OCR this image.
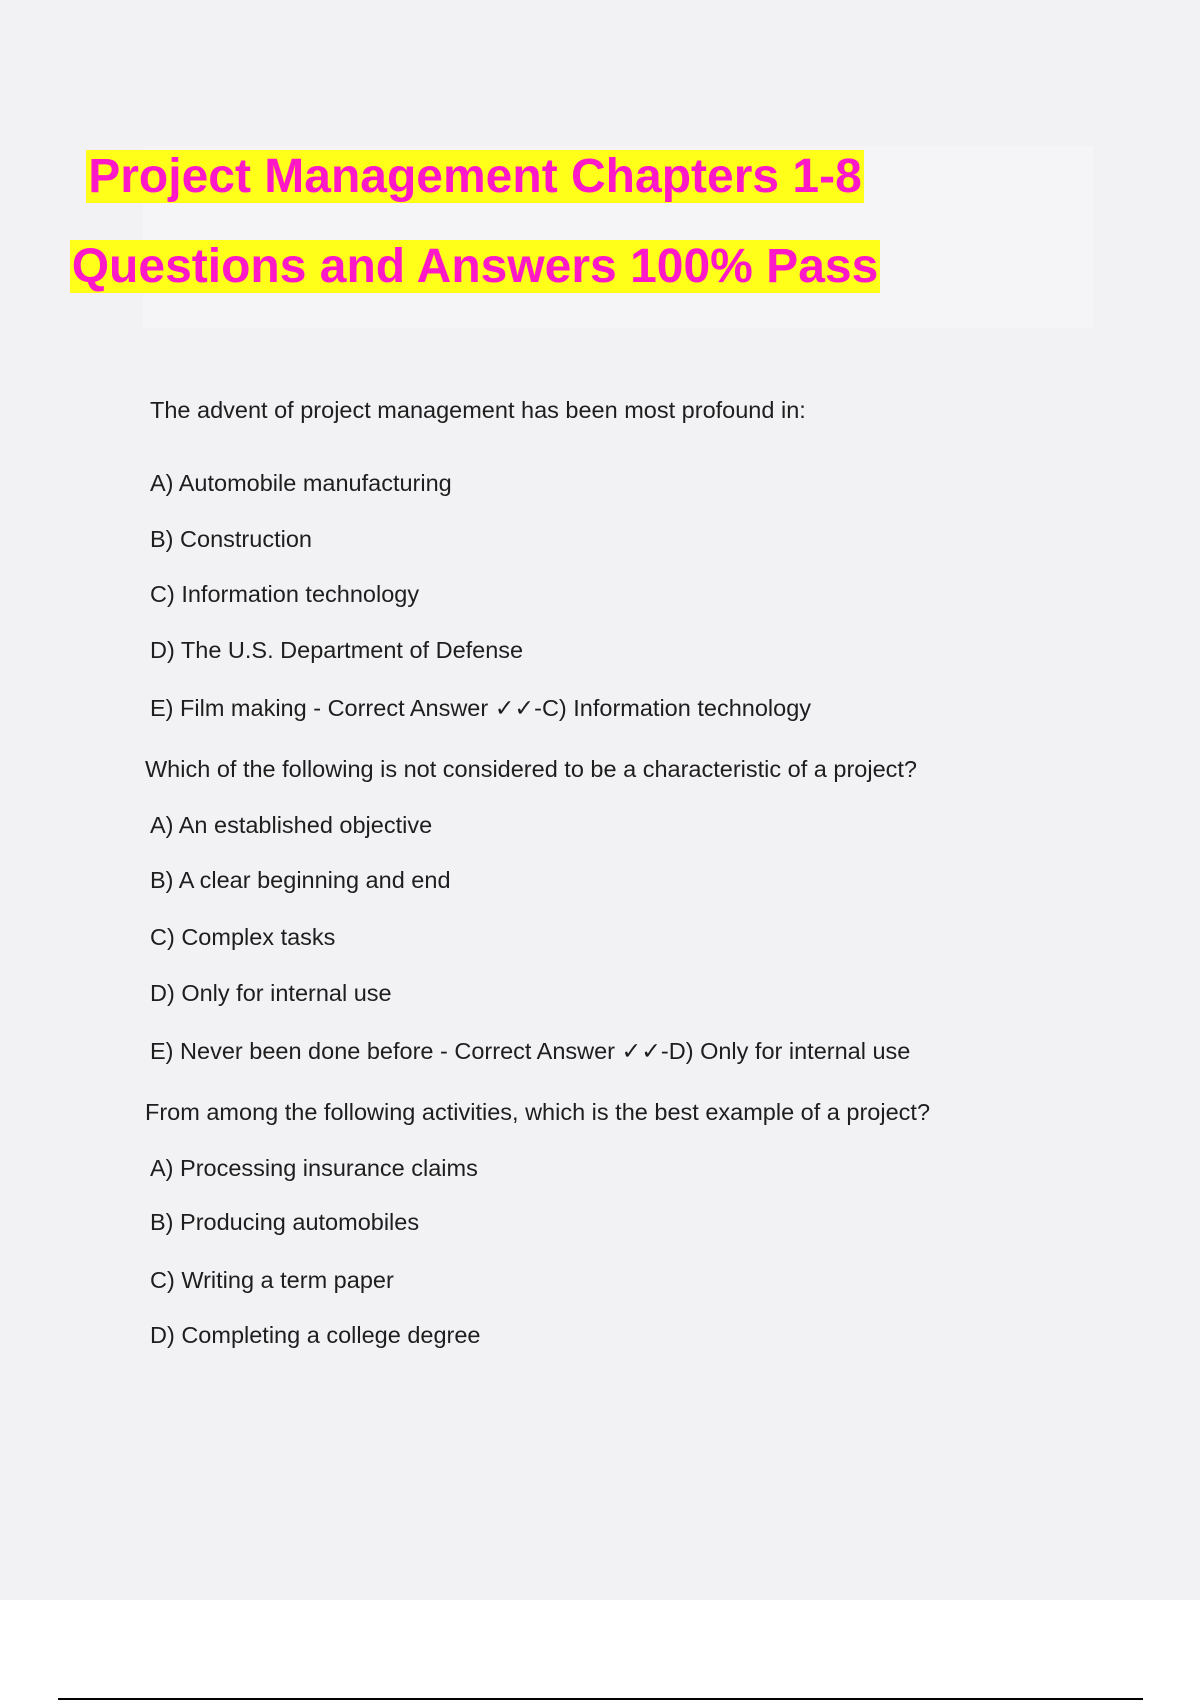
Project Management Chapters 1-8
Questions and Answers 100% Pass
The advent of project management has been most profound in:
A) Automobile manufacturing
B) Construction
C) Information technology
D) The U.S. Department of Defense
E) Film making - Correct Answer ✓✓-C) Information technology
Which of the following is not considered to be a characteristic of a project?
A) An established objective
B) A clear beginning and end
C) Complex tasks
D) Only for internal use
E) Never been done before - Correct Answer ✓✓-D) Only for internal use
From among the following activities, which is the best example of a project?
A) Processing insurance claims
B) Producing automobiles
C) Writing a term paper
D) Completing a college degree
